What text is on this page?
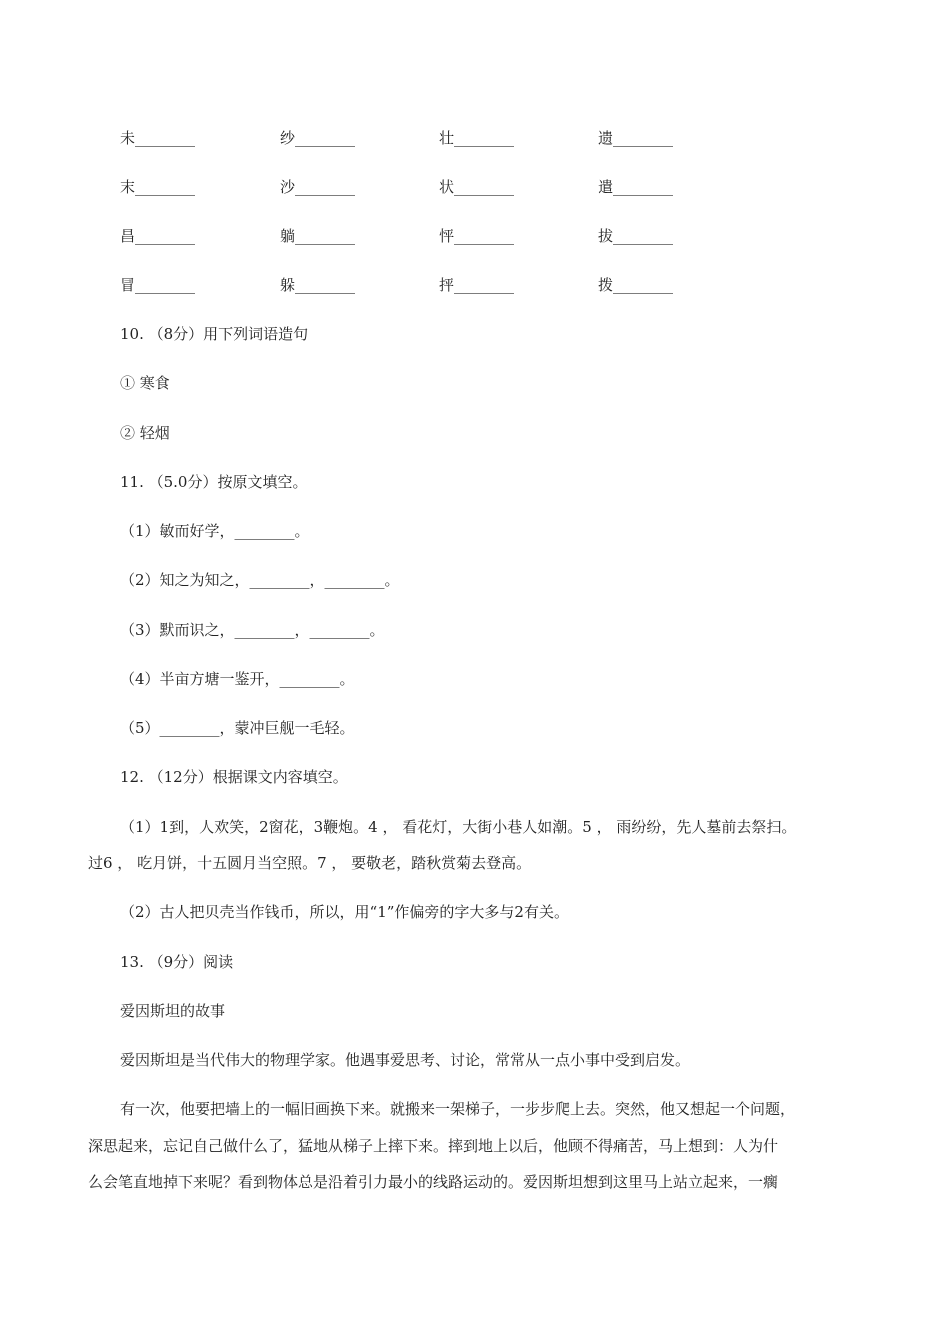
未________	纱________	壮________	遗________
末________	沙________	状________	遣________
昌________	躺________	怦________	拔________
冒________	躲________	抨________	拨________
10. （8分）用下列词语造句
① 寒食
② 轻烟
11. （5.0分）按原文填空。
（1）敏而好学，________。
（2）知之为知之，________，________。
（3）默而识之，________，________。
（4）半亩方塘一鉴开，________。
（5）________，蒙冲巨舰一毛轻。
12. （12分）根据课文内容填空。
（1）1到，人欢笑，2窗花，3鞭炮。4 ， 看花灯，大街小巷人如潮。5 ， 雨纷纷，先人墓前去祭扫。
过6 ， 吃月饼，十五圆月当空照。7 ， 要敬老，踏秋赏菊去登高。
（2）古人把贝壳当作钱币，所以，用“1”作偏旁的字大多与2有关。
13. （9分）阅读
爱因斯坦的故事
爱因斯坦是当代伟大的物理学家。他遇事爱思考、讨论，常常从一点小事中受到启发。
有一次，他要把墙上的一幅旧画换下来。就搬来一架梯子，一步步爬上去。突然，他又想起一个问题，
深思起来，忘记自己做什么了，猛地从梯子上摔下来。摔到地上以后，他顾不得痛苦，马上想到：人为什
么会笔直地掉下来呢？看到物体总是沿着引力最小的线路运动的。爱因斯坦想到这里马上站立起来，一瘸
